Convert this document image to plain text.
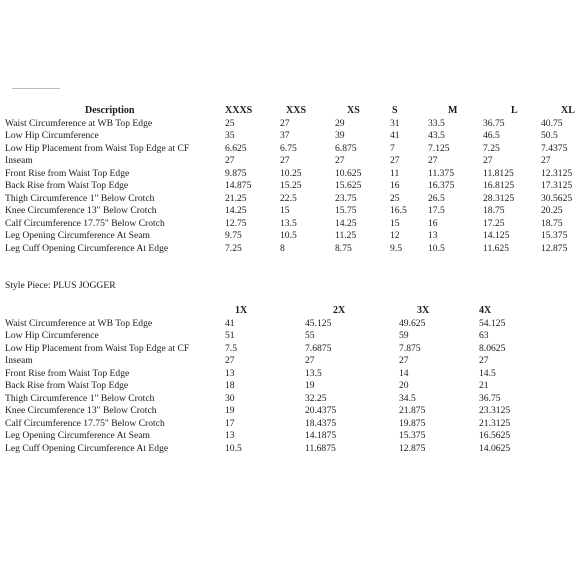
Description	XXXS	XXS	XS	S	M	L	XL
Waist Circumference at WB Top Edge	25	27	29	31	33.5	36.75	40.75
Low Hip Circumference	35	37	39	41	43.5	46.5	50.5
Low Hip Placement from Waist Top Edge at CF	6.625	6.75	6.875	7	7.125	7.25	7.4375
Inseam	27	27	27	27	27	27	27
Front Rise from Waist Top Edge	9.875	10.25	10.625	11	11.375	11.8125	12.3125
Back Rise from Waist Top Edge	14.875	15.25	15.625	16	16.375	16.8125	17.3125
Thigh Circumference 1" Below Crotch	21.25	22.5	23.75	25	26.5	28.3125	30.5625
Knee Circumference 13" Below Crotch	14.25	15	15.75	16.5	17.5	18.75	20.25
Calf Circumference 17.75" Below Crotch	12.75	13.5	14.25	15	16	17.25	18.75
Leg Opening Circumference At Seam	9.75	10.5	11.25	12	13	14.125	15.375
Leg Cuff Opening Circumference At Edge	7.25	8	8.75	9.5	10.5	11.625	12.875
Style Piece: PLUS JOGGER
	1X	2X	3X	4X	
Waist Circumference at WB Top Edge	41	45.125	49.625	54.125	
Low Hip Circumference	51	55	59	63	
Low Hip Placement from Waist Top Edge at CF	7.5	7.6875	7.875	8.0625	
Inseam	27	27	27	27	
Front Rise from Waist Top Edge	13	13.5	14	14.5	
Back Rise from Waist Top Edge	18	19	20	21	
Thigh Circumference 1" Below Crotch	30	32.25	34.5	36.75	
Knee Circumference 13" Below Crotch	19	20.4375	21.875	23.3125	
Calf Circumference 17.75" Below Crotch	17	18.4375	19.875	21.3125	
Leg Opening Circumference At Seam	13	14.1875	15.375	16.5625	
Leg Cuff Opening Circumference At Edge	10.5	11.6875	12.875	14.0625	
